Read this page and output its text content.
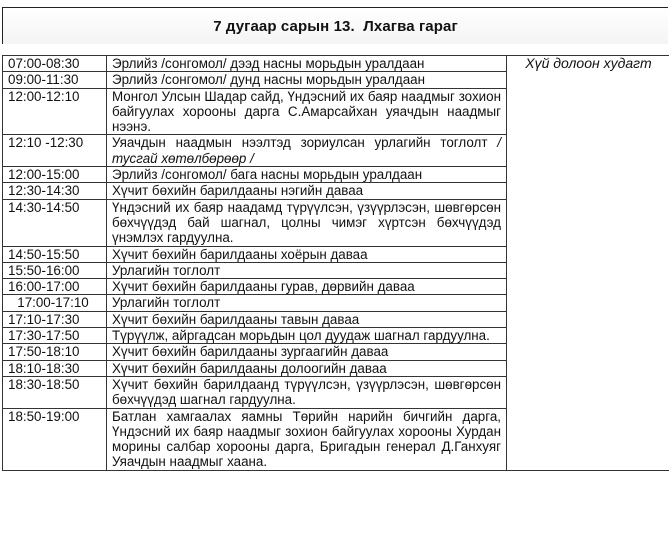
7 дугаар сарын 13.  Лхагва гараг
07:00-08:30	Эрлийз /сонгомол/ дээд насны морьдын уралдаан	Хүй долоон худагт
09:00-11:30	Эрлийз /сонгомол/ дунд насны морьдын уралдаан	
12:00-12:10	Монгол Улсын Шадар сайд, Үндэсний их баяр наадмыг зохион байгуулах хорооны дарга С.Амарсайхан уяачдын наадмыг нээнэ.	
12:10 -12:30	Уяачдын наадмын нээлтэд зориулсан урлагийн тоглолт / тусгай хөтөлбөрөөр /	
12:00-15:00	Эрлийз /сонгомол/ бага насны морьдын уралдаан	
12:30-14:30	Хүчит бөхийн барилдааны нэгийн даваа	
14:30-14:50	Үндэсний их баяр наадамд түрүүлсэн, үзүүрлэсэн, шөвгөрсөн бөхчүүдэд бай шагнал, цолны чимэг хүртсэн бөхчүүдэд үнэмлэх гардуулна.	
14:50-15:50	Хүчит бөхийн барилдааны хоёрын даваа	
15:50-16:00	Урлагийн тоглолт	
16:00-17:00	Хүчит бөхийн барилдааны гурав, дөрвийн даваа	
17:00-17:10	Урлагийн тоглолт	
17:10-17:30	Хүчит бөхийн барилдааны тавын даваа	
17:30-17:50	Түрүүлж, айргадсан морьдын цол дуудаж шагнал гардуулна.	
17:50-18:10	Хүчит бөхийн барилдааны зургаагийн даваа	
18:10-18:30	Хүчит бөхийн барилдааны долоогийн даваа	
18:30-18:50	Хүчит бөхийн барилдаанд түрүүлсэн, үзүүрлэсэн, шөвгөрсөн бөхчүүдэд шагнал гардуулна.	
18:50-19:00	Батлан хамгаалах яамны Төрийн нарийн бичгийн дарга, Үндэсний их баяр наадмыг зохион байгуулах хорооны Хурдан морины салбар хорооны дарга, Бригадын генерал Д.Ганхуяг Уяачдын наадмыг хаана.	
